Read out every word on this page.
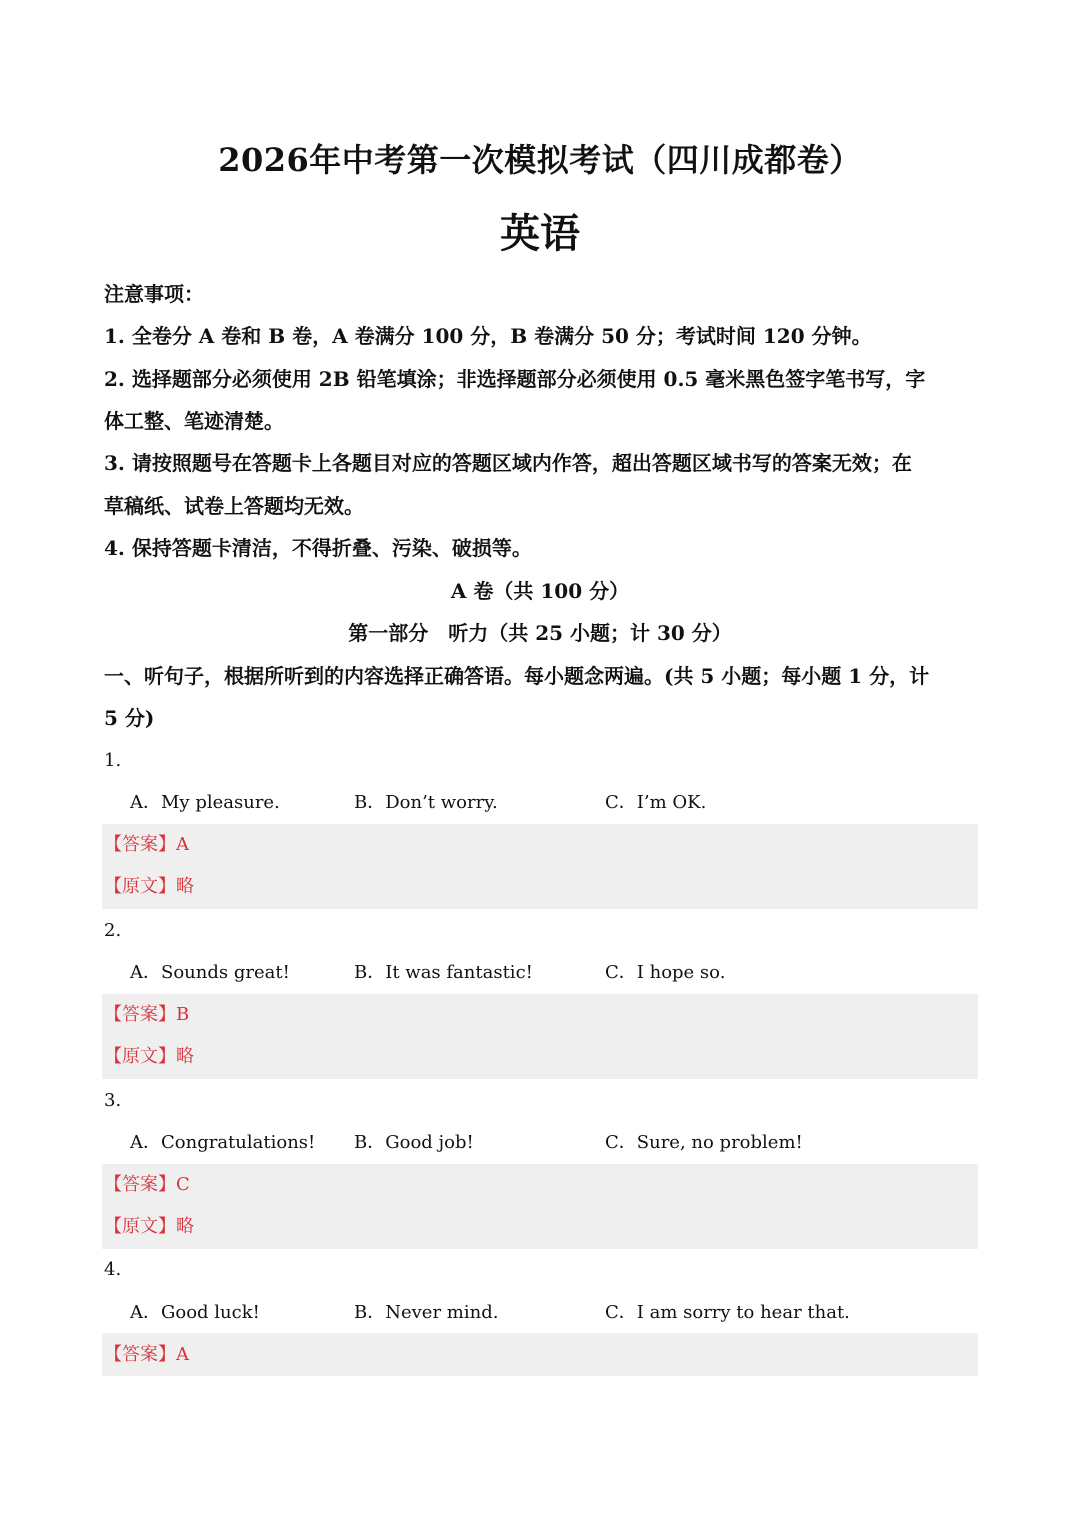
2026年中考第一次模拟考试（四川成都卷）
英语
注意事项：
1. 全卷分 A 卷和 B 卷，A 卷满分 100 分，B 卷满分 50 分；考试时间 120 分钟。
2. 选择题部分必须使用 2B 铅笔填涂；非选择题部分必须使用 0.5 毫米黑色签字笔书写，字
体工整、笔迹清楚。
3. 请按照题号在答题卡上各题目对应的答题区域内作答，超出答题区域书写的答案无效；在
草稿纸、试卷上答题均无效。
4. 保持答题卡清洁，不得折叠、污染、破损等。
A 卷（共 100 分）
第一部分　听力（共 25 小题；计 30 分）
一、听句子，根据所听到的内容选择正确答语。每小题念两遍。(共 5 小题；每小题 1 分，计
5 分)
1.
A．My pleasure.	B．Don’t worry.	C．I’m OK.
【答案】A
【原文】略
2.
A．Sounds great!	B．It was fantastic!	C．I hope so.
【答案】B
【原文】略
3.
A．Congratulations! B．Good job!	C．Sure, no problem!
【答案】C
【原文】略
4.
A．Good luck!	B．Never mind.	C．I am sorry to hear that.
【答案】A
